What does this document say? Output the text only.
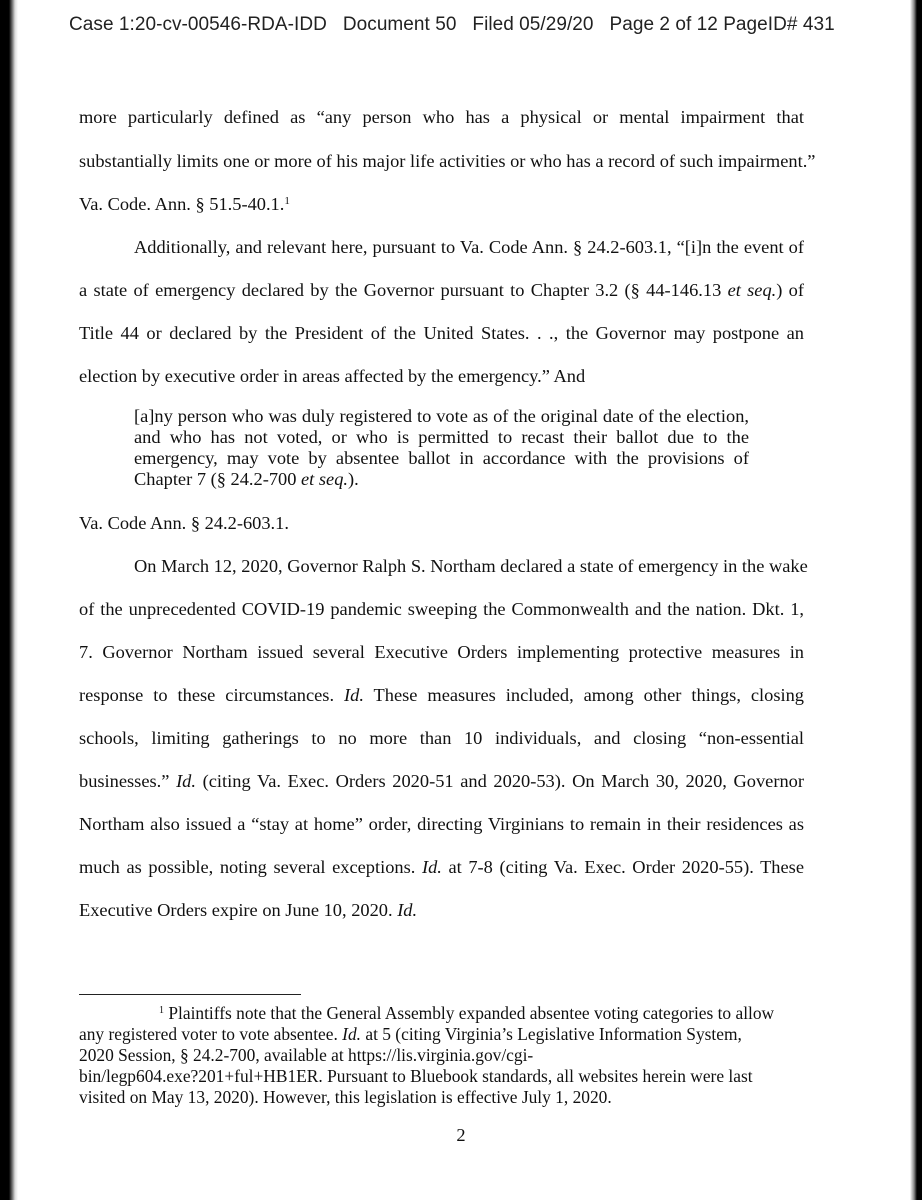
Case 1:20-cv-00546-RDA-IDD   Document 50   Filed 05/29/20   Page 2 of 12 PageID# 431
more particularly defined as “any person who has a physical or mental impairment that
substantially limits one or more of his major life activities or who has a record of such impairment.”
Va. Code. Ann. § 51.5-40.1.$^1$
Additionally, and relevant here, pursuant to Va. Code Ann. § 24.2-603.1, “[i]n the event of
a state of emergency declared by the Governor pursuant to Chapter 3.2 (§ 44-146.13 et seq.) of
Title 44 or declared by the President of the United States. . ., the Governor may postpone an
election by executive order in areas affected by the emergency.” And
[a]ny person who was duly registered to vote as of the original date of the election,
and who has not voted, or who is permitted to recast their ballot due to the
emergency, may vote by absentee ballot in accordance with the provisions of
Chapter 7 (§ 24.2-700 et seq.).
Va. Code Ann. § 24.2-603.1.
On March 12, 2020, Governor Ralph S. Northam declared a state of emergency in the wake
of the unprecedented COVID-19 pandemic sweeping the Commonwealth and the nation. Dkt. 1,
7. Governor Northam issued several Executive Orders implementing protective measures in
response to these circumstances. Id. These measures included, among other things, closing
schools, limiting gatherings to no more than 10 individuals, and closing “non-essential
businesses.” Id. (citing Va. Exec. Orders 2020-51 and 2020-53). On March 30, 2020, Governor
Northam also issued a “stay at home” order, directing Virginians to remain in their residences as
much as possible, noting several exceptions. Id. at 7-8 (citing Va. Exec. Order 2020-55). These
Executive Orders expire on June 10, 2020. Id.
$^1$ Plaintiffs note that the General Assembly expanded absentee voting categories to allow
any registered voter to vote absentee. Id. at 5 (citing Virginia’s Legislative Information System,
2020 Session, § 24.2-700, available at https://lis.virginia.gov/cgi-
bin/legp604.exe?201+ful+HB1ER. Pursuant to Bluebook standards, all websites herein were last
visited on May 13, 2020). However, this legislation is effective July 1, 2020.
2
